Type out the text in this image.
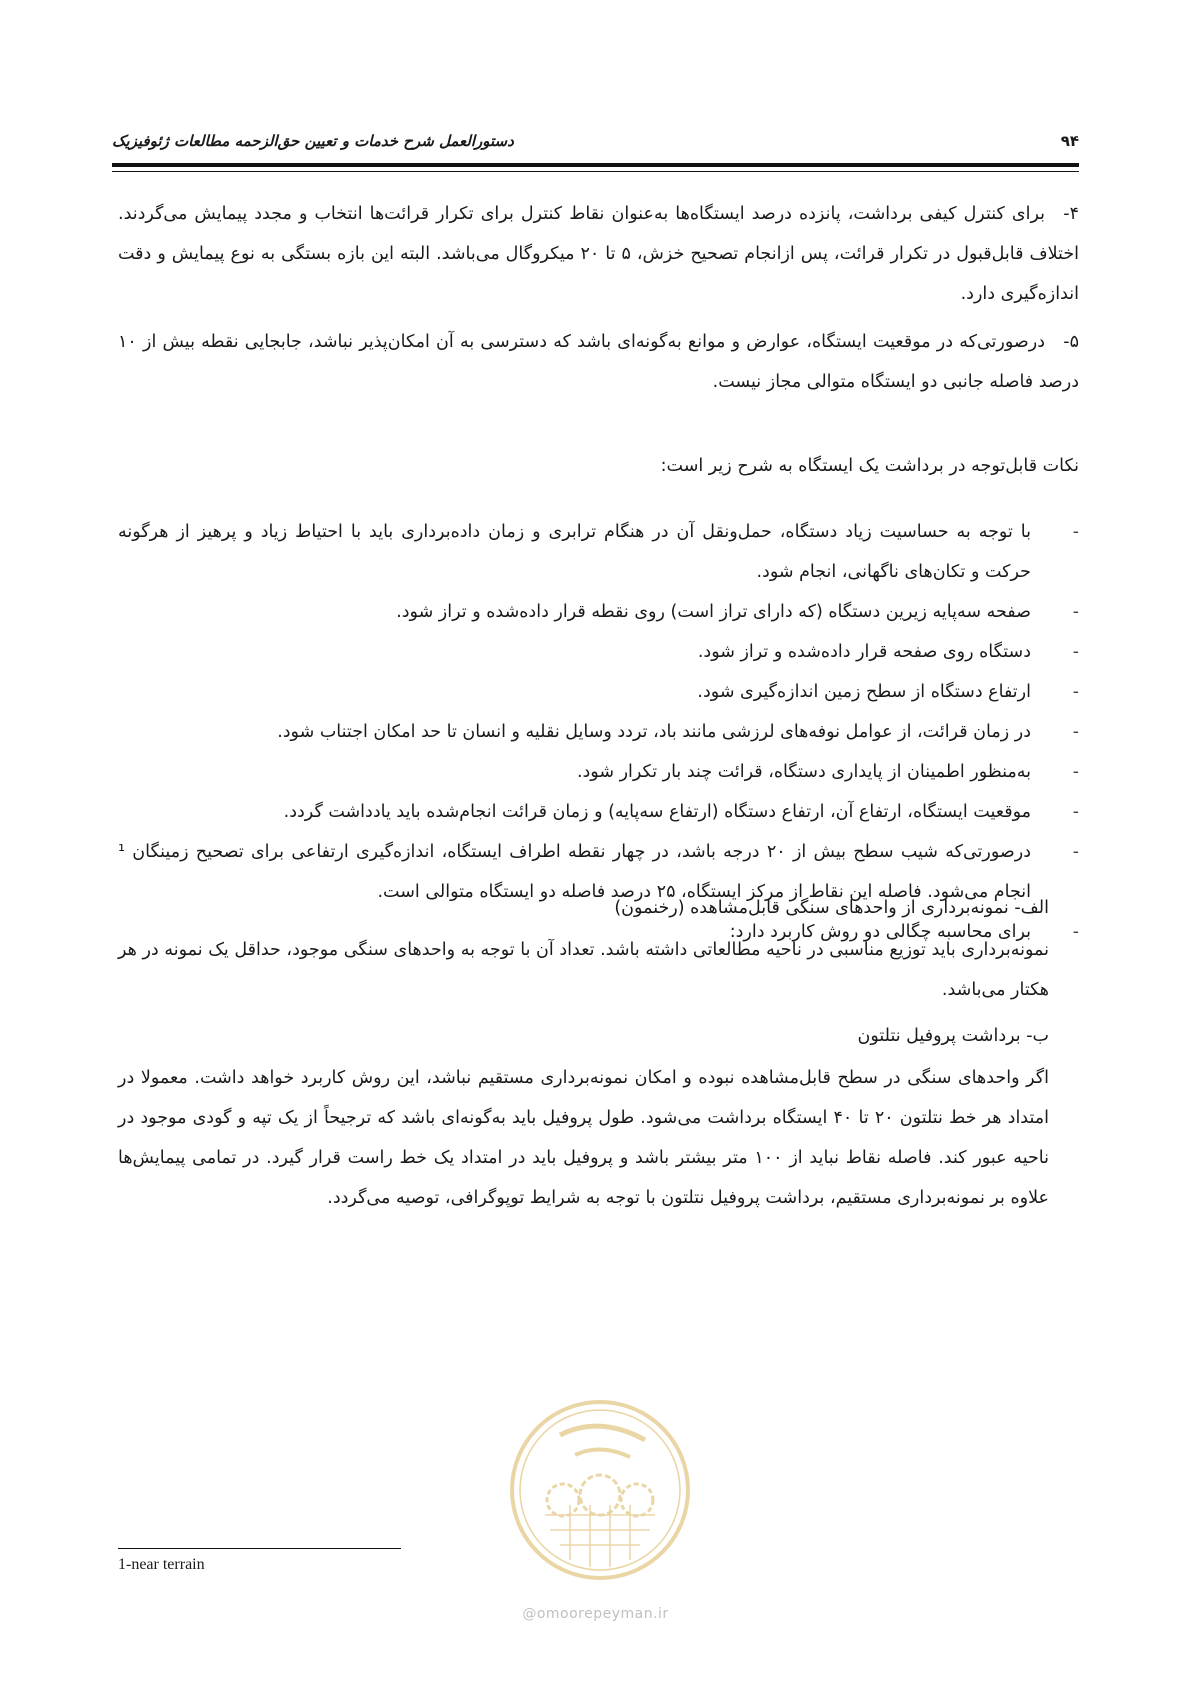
۹۴
دستورالعمل شرح خدمات و تعیین حق‌الزحمه مطالعات ژئوفیزیک
۴-
برای کنترل کیفی برداشت، پانزده درصد ایستگاه‌ها به‌عنوان نقاط کنترل برای تکرار قرائت‌ها انتخاب و مجدد پیمایش می‌گردند. اختلاف قابل‌قبول در تکرار قرائت، پس ازانجام تصحیح خزش، ۵ تا ۲۰ میکروگال می‌باشد. البته این بازه بستگی به نوع پیمایش و دقت اندازه‌گیری دارد.
۵-
درصورتی‌که در موقعیت ایستگاه، عوارض و موانع به‌گونه‌ای باشد که دسترسی به آن امکان‌پذیر نباشد، جابجایی نقطه بیش از ۱۰ درصد فاصله جانبی دو ایستگاه متوالی مجاز نیست.
نکات قابل‌توجه در برداشت یک ایستگاه به شرح زیر است:
-
با توجه به حساسیت زیاد دستگاه، حمل‌ونقل آن در هنگام ترابری و زمان داده‌برداری باید با احتیاط زیاد و پرهیز از هرگونه حرکت و تکان‌های ناگهانی، انجام شود.
-
صفحه سه‌پایه زیرین دستگاه (که دارای تراز است) روی نقطه قرار داده‌شده و تراز شود.
-
دستگاه روی صفحه قرار داده‌شده و تراز شود.
-
ارتفاع دستگاه از سطح زمین اندازه‌گیری شود.
-
در زمان قرائت، از عوامل نوفه‌های لرزشی مانند باد، تردد وسایل نقلیه و انسان تا حد امکان اجتناب شود.
-
به‌منظور اطمینان از پایداری دستگاه، قرائت چند بار تکرار شود.
-
موقعیت ایستگاه، ارتفاع آن، ارتفاع دستگاه (ارتفاع سه‌پایه) و زمان قرائت انجام‌شده باید یادداشت گردد.
-
درصورتی‌که شیب سطح بیش از ۲۰ درجه باشد، در چهار نقطه اطراف ایستگاه، اندازه‌گیری ارتفاعی برای تصحیح زمینگان ¹ انجام می‌شود. فاصله این نقاط از مرکز ایستگاه، ۲۵ درصد فاصله دو ایستگاه متوالی است.
-
برای محاسبه چگالی دو روش کاربرد دارد:
الف- نمونه‌برداری از واحدهای سنگی قابل‌مشاهده (رخنمون)
نمونه‌برداری باید توزیع مناسبی در ناحیه مطالعاتی داشته باشد. تعداد آن با توجه به واحدهای سنگی موجود، حداقل یک نمونه در هر هکتار می‌باشد.
ب- برداشت پروفیل نتلتون
اگر واحدهای سنگی در سطح قابل‌مشاهده نبوده و امکان نمونه‌برداری مستقیم نباشد، این روش کاربرد خواهد داشت. معمولا در امتداد هر خط نتلتون ۲۰ تا ۴۰ ایستگاه برداشت می‌شود. طول پروفیل باید به‌گونه‌ای باشد که ترجیحاً از یک تپه و گودی موجود در ناحیه عبور کند. فاصله نقاط نباید از ۱۰۰ متر بیشتر باشد و پروفیل باید در امتداد یک خط راست قرار گیرد. در تمامی پیمایش‌ها علاوه بر نمونه‌برداری مستقیم، برداشت پروفیل نتلتون با توجه به شرایط توپوگرافی، توصیه می‌گردد.
@omoorepeyman.ir
1-near terrain
